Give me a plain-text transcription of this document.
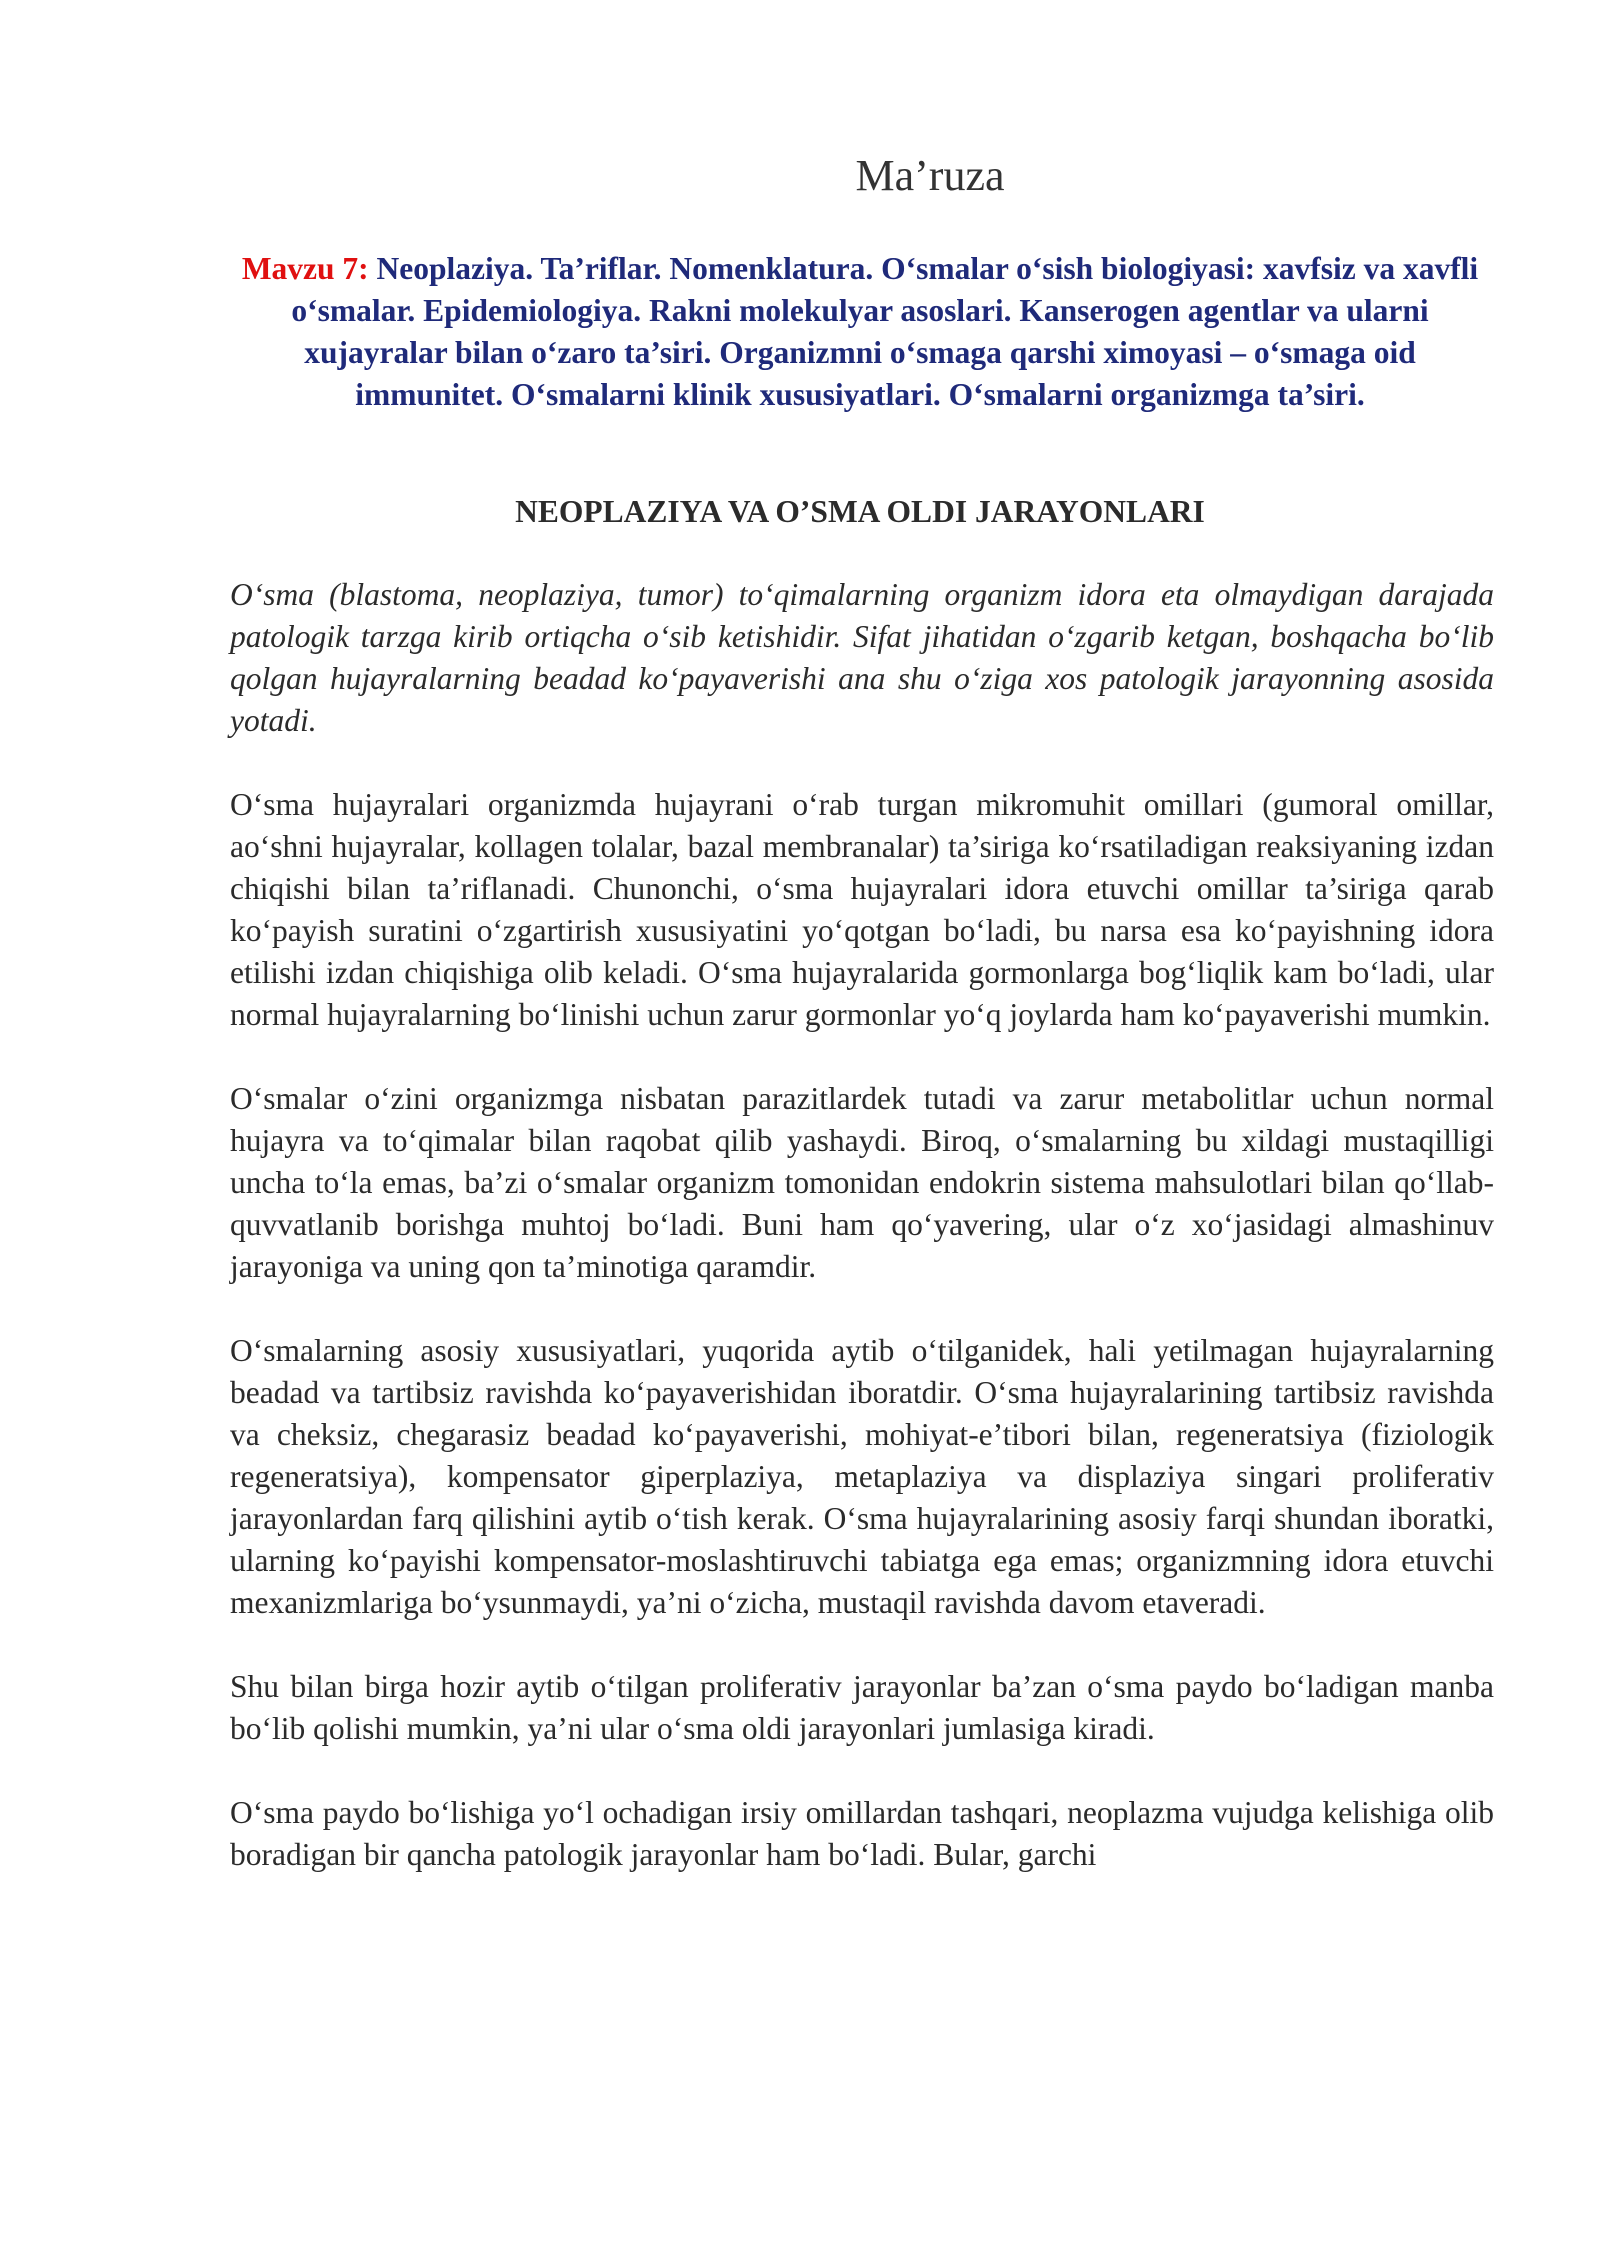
Ma’ruza
Mavzu 7: Neoplaziya. Ta’riflar. Nomenklatura. O‘smalar o‘sish biologiyasi: xavfsiz va xavfli o‘smalar. Epidemiologiya. Rakni molekulyar asoslari. Kanserogen agentlar va ularni xujayralar bilan o‘zaro ta’siri. Organizmni o‘smaga qarshi ximoyasi – o‘smaga oid immunitet. O‘smalarni klinik xususiyatlari. O‘smalarni organizmga ta’siri.
NEOPLAZIYA VA O’SMA OLDI JARAYONLARI

O‘sma (blastoma, neoplaziya, tumor) to‘qimalarning organizm idora eta olmaydigan darajada patologik tarzga kirib ortiqcha o‘sib ketishidir. Sifat jihatidan o‘zgarib ketgan, boshqacha bo‘lib qolgan hujayralarning beadad ko‘payaverishi ana shu o‘ziga xos patologik jarayonning asosida yotadi.

O‘sma hujayralari organizmda hujayrani o‘rab turgan mikromuhit omillari (gumoral omillar, ao‘shni hujayralar, kollagen tolalar, bazal membranalar) ta’siriga ko‘rsatiladigan reaksiyaning izdan chiqishi bilan ta’riflanadi. Chunonchi, o‘sma hujayralari idora etuvchi omillar ta’siriga qarab ko‘payish suratini o‘zgartirish xususiyatini yo‘qotgan bo‘ladi, bu narsa esa ko‘payishning idora etilishi izdan chiqishiga olib keladi. O‘sma hujayralarida gormonlarga bog‘liqlik kam bo‘ladi, ular normal hujayralarning bo‘linishi uchun zarur gormonlar yo‘q joylarda ham ko‘payaverishi mumkin.

O‘smalar o‘zini organizmga nisbatan parazitlardek tutadi va zarur metabolitlar uchun normal hujayra va to‘qimalar bilan raqobat qilib yashaydi. Biroq, o‘smalarning bu xildagi mustaqilligi uncha to‘la emas, ba’zi o‘smalar organizm tomonidan endokrin sistema mahsulotlari bilan qo‘llab-quvvatlanib borishga muhtoj bo‘ladi. Buni ham qo‘yavering, ular o‘z xo‘jasidagi almashinuv jarayoniga va uning qon ta’minotiga qaramdir.

O‘smalarning asosiy xususiyatlari, yuqorida aytib o‘tilganidek, hali yetilmagan hujayralarning beadad va tartibsiz ravishda ko‘payaverishidan iboratdir. O‘sma hujayralarining tartibsiz ravishda va cheksiz, chegarasiz beadad ko‘payaverishi, mohiyat-e’tibori bilan, regeneratsiya (fiziologik regeneratsiya), kompensator giperplaziya, metaplaziya va displaziya singari proliferativ jarayonlardan farq qilishini aytib o‘tish kerak. O‘sma hujayralarining asosiy farqi shundan iboratki, ularning ko‘payishi kompensator-moslashtiruvchi tabiatga ega emas; organizmning idora etuvchi mexanizmlariga bo‘ysunmaydi, ya’ni o‘zicha, mustaqil ravishda davom etaveradi.

Shu bilan birga hozir aytib o‘tilgan proliferativ jarayonlar ba’zan o‘sma paydo bo‘ladigan manba bo‘lib qolishi mumkin, ya’ni ular o‘sma oldi jarayonlari jumlasiga kiradi.

O‘sma paydo bo‘lishiga yo‘l ochadigan irsiy omillardan tashqari, neoplazma vujudga kelishiga olib boradigan bir qancha patologik jarayonlar ham bo‘ladi. Bular, garchi
